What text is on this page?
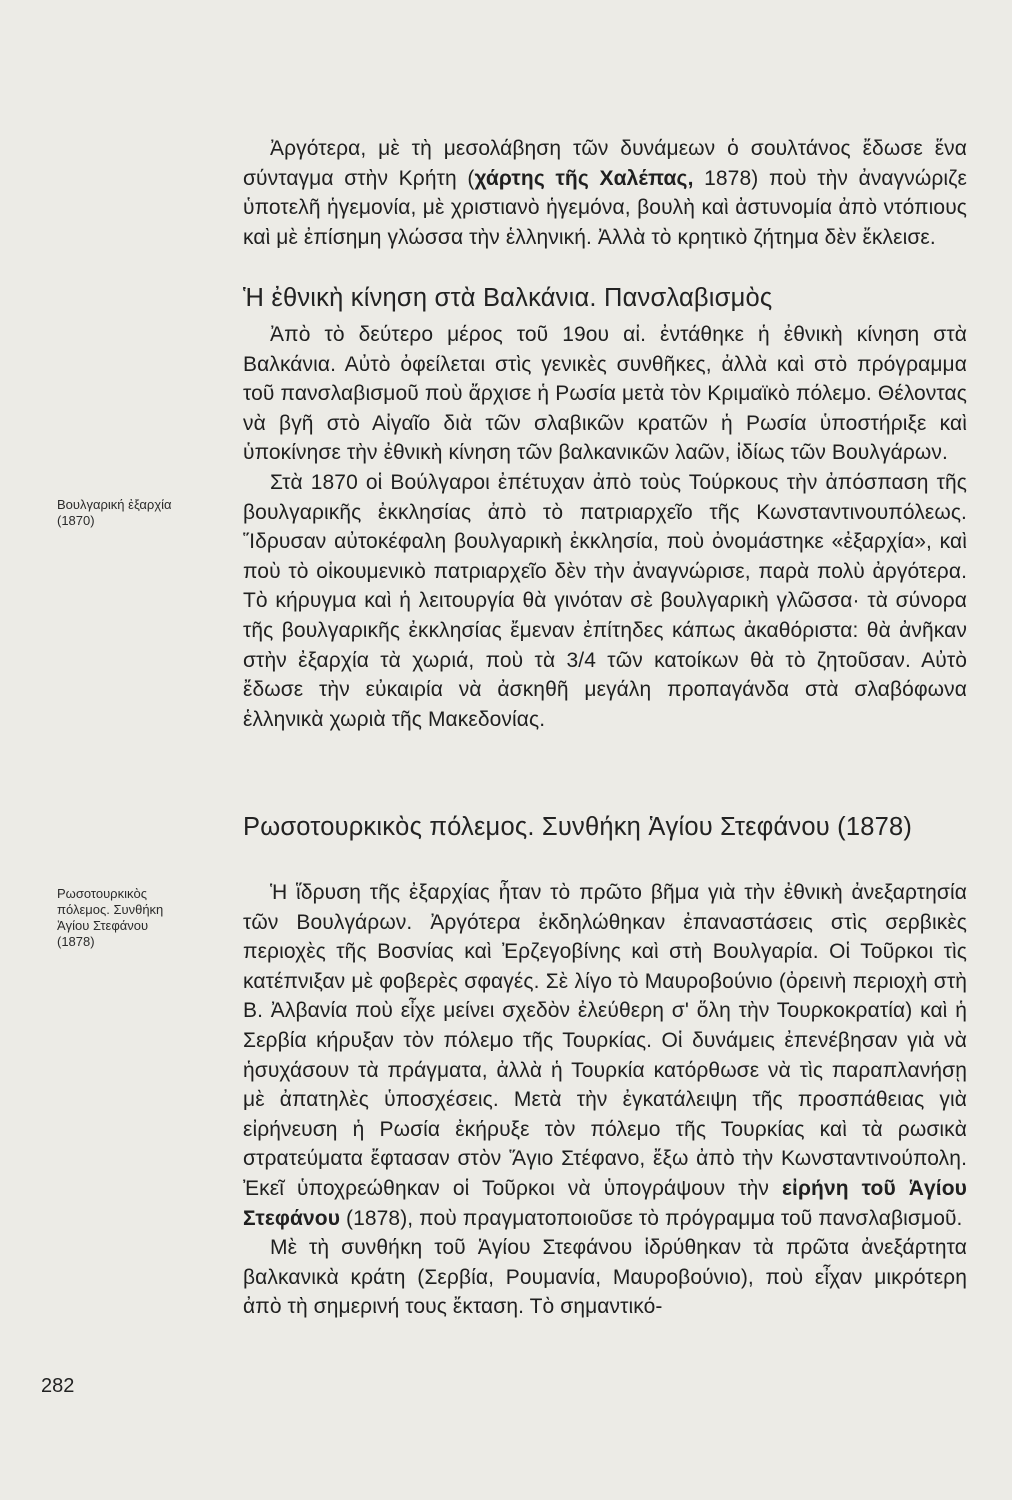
Ἀργότερα, μὲ τὴ μεσολάβηση τῶν δυνάμεων ὁ σουλτάνος ἔδωσε ἕνα σύνταγμα στὴν Κρήτη (χάρτης τῆς Χαλέπας, 1878) ποὺ τὴν ἀναγνώριζε ὑποτελῆ ἡγεμονία, μὲ χριστιανὸ ἡγεμόνα, βουλὴ καὶ ἀστυνομία ἀπὸ ντόπιους καὶ μὲ ἐπίσημη γλώσσα τὴν ἑλληνική. Ἀλλὰ τὸ κρητικὸ ζήτημα δὲν ἔκλεισε.

Ἡ ἐθνικὴ κίνηση στὰ Βαλκάνια. Πανσλαβισμὸς

Ἀπὸ τὸ δεύτερο μέρος τοῦ 19ου αἰ. ἐντάθηκε ἡ ἐθνικὴ κίνηση στὰ Βαλκάνια. Αὐτὸ ὀφείλεται στὶς γενικὲς συνθῆκες, ἀλλὰ καὶ στὸ πρόγραμμα τοῦ πανσλαβισμοῦ ποὺ ἄρχισε ἡ Ρωσία μετὰ τὸν Κριμαϊκὸ πόλεμο. Θέλοντας νὰ βγῆ στὸ Αἰγαῖο διὰ τῶν σλαβικῶν κρατῶν ἡ Ρωσία ὑποστήριξε καὶ ὑποκίνησε τὴν ἐθνικὴ κίνηση τῶν βαλκανικῶν λαῶν, ἰδίως τῶν Βουλγάρων.

Στὰ 1870 οἱ Βούλγαροι ἐπέτυχαν ἀπὸ τοὺς Τούρκους τὴν ἀπόσπαση τῆς βουλγαρικῆς ἐκκλησίας ἀπὸ τὸ πατριαρχεῖο τῆς Κωνσταντινουπόλεως. Ἵδρυσαν αὐτοκέφαλη βουλγαρικὴ ἐκκλησία, ποὺ ὀνομάστηκε «ἐξαρχία», καὶ ποὺ τὸ οἰκουμενικὸ πατριαρχεῖο δὲν τὴν ἀναγνώρισε, παρὰ πολὺ ἀργότερα. Τὸ κήρυγμα καὶ ἡ λειτουργία θὰ γινόταν σὲ βουλγαρικὴ γλῶσσα· τὰ σύνορα τῆς βουλγαρικῆς ἐκκλησίας ἔμεναν ἐπίτηδες κάπως ἀκαθόριστα: θὰ ἀνῆκαν στὴν ἐξαρχία τὰ χωριά, ποὺ τὰ 3/4 τῶν κατοίκων θὰ τὸ ζητοῦσαν. Αὐτὸ ἔδωσε τὴν εὐκαιρία νὰ ἀσκηθῆ μεγάλη προπαγάνδα στὰ σλαβόφωνα ἑλληνικὰ χωριὰ τῆς Μακεδονίας.

Ρωσοτουρκικὸς πόλεμος. Συνθήκη Ἁγίου Στεφάνου (1878)

Ἡ ἵδρυση τῆς ἐξαρχίας ἦταν τὸ πρῶτο βῆμα γιὰ τὴν ἐθνικὴ ἀνεξαρτησία τῶν Βουλγάρων. Ἀργότερα ἐκδηλώθηκαν ἐπαναστάσεις στὶς σερβικὲς περιοχὲς τῆς Βοσνίας καὶ Ἐρζεγοβίνης καὶ στὴ Βουλγαρία. Οἱ Τοῦρκοι τὶς κατέπνιξαν μὲ φοβερὲς σφαγές. Σὲ λίγο τὸ Μαυροβούνιο (ὀρεινὴ περιοχὴ στὴ Β. Ἀλβανία ποὺ εἶχε μείνει σχεδὸν ἐλεύθερη σ' ὅλη τὴν Τουρκοκρατία) καὶ ἡ Σερβία κήρυξαν τὸν πόλεμο τῆς Τουρκίας. Οἱ δυνάμεις ἐπενέβησαν γιὰ νὰ ἡσυχάσουν τὰ πράγματα, ἀλλὰ ἡ Τουρκία κατόρθωσε νὰ τὶς παραπλανήσῃ μὲ ἀπατηλὲς ὑποσχέσεις. Μετὰ τὴν ἐγκατάλειψη τῆς προσπάθειας γιὰ εἰρήνευση ἡ Ρωσία ἐκήρυξε τὸν πόλεμο τῆς Τουρκίας καὶ τὰ ρωσικὰ στρατεύματα ἔφτασαν στὸν Ἅγιο Στέφανο, ἔξω ἀπὸ τὴν Κωνσταντινούπολη. Ἐκεῖ ὑποχρεώθηκαν οἱ Τοῦρκοι νὰ ὑπογράψουν τὴν εἰρήνη τοῦ Ἁγίου Στεφάνου (1878), ποὺ πραγματοποιοῦσε τὸ πρόγραμμα τοῦ πανσλαβισμοῦ.

Μὲ τὴ συνθήκη τοῦ Ἁγίου Στεφάνου ἱδρύθηκαν τὰ πρῶτα ἀνεξάρτητα βαλκανικὰ κράτη (Σερβία, Ρουμανία, Μαυροβούνιο), ποὺ εἶχαν μικρότερη ἀπὸ τὴ σημερινή τους ἔκταση. Τὸ σημαντικό-

Βουλγαρική ἐξαρχία
(1870)
Ρωσοτουρκικὸς
πόλεμος. Συνθήκη
Ἁγίου Στεφάνου
(1878)
282
